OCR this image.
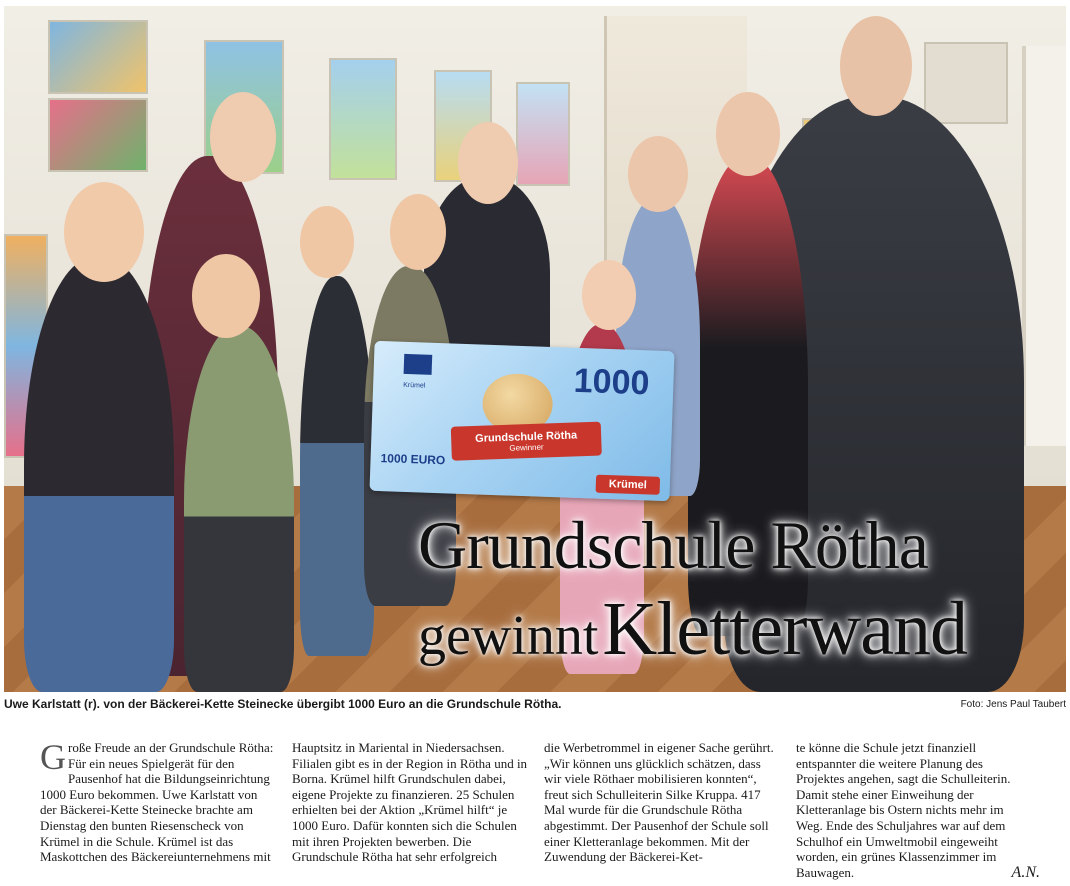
Krümel	1000
Grundschule Rötha
Gewinner
1000 EURO
Krümel
Grundschule Rötha
gewinnt Kletterwand
Uwe Karlstatt (r). von der Bäckerei-Kette Steinecke übergibt 1000 Euro an die Grundschule Rötha.	Foto: Jens Paul Taubert
Große Freude an der Grundschule Rötha: Für ein neues Spielgerät für den Pausenhof hat die Bildungseinrichtung 1000 Euro bekommen. Uwe Karlstatt von der Bäckerei-Kette Steinecke brachte am Dienstag den bunten Riesenscheck von Krümel in die Schule. Krümel ist das Maskottchen des Bäckereiunternehmens mit
Hauptsitz in Mariental in Niedersachsen. Filialen gibt es in der Region in Rötha und in Borna. Krümel hilft Grundschulen dabei, eigene Projekte zu finanzieren. 25 Schulen erhielten bei der Aktion „Krümel hilft“ je 1000 Euro. Dafür konnten sich die Schulen mit ihren Projekten bewerben. Die Grundschule Rötha hat sehr erfolgreich
die Werbetrommel in eigener Sache gerührt. „Wir können uns glücklich schätzen, dass wir viele Röthaer mobilisieren konnten“, freut sich Schulleiterin Silke Kruppa. 417 Mal wurde für die Grundschule Rötha abgestimmt. Der Pausenhof der Schule soll einer Kletteranlage bekommen. Mit der Zuwendung der Bäckerei-Ket-
te könne die Schule jetzt finanziell entspannter die weitere Planung des Projektes angehen, sagt die Schulleiterin. Damit stehe einer Einweihung der Kletteranlage bis Ostern nichts mehr im Weg. Ende des Schuljahres war auf dem Schulhof ein Umweltmobil eingeweiht worden, ein grünes Klassenzimmer im Bauwagen.	A.N.
